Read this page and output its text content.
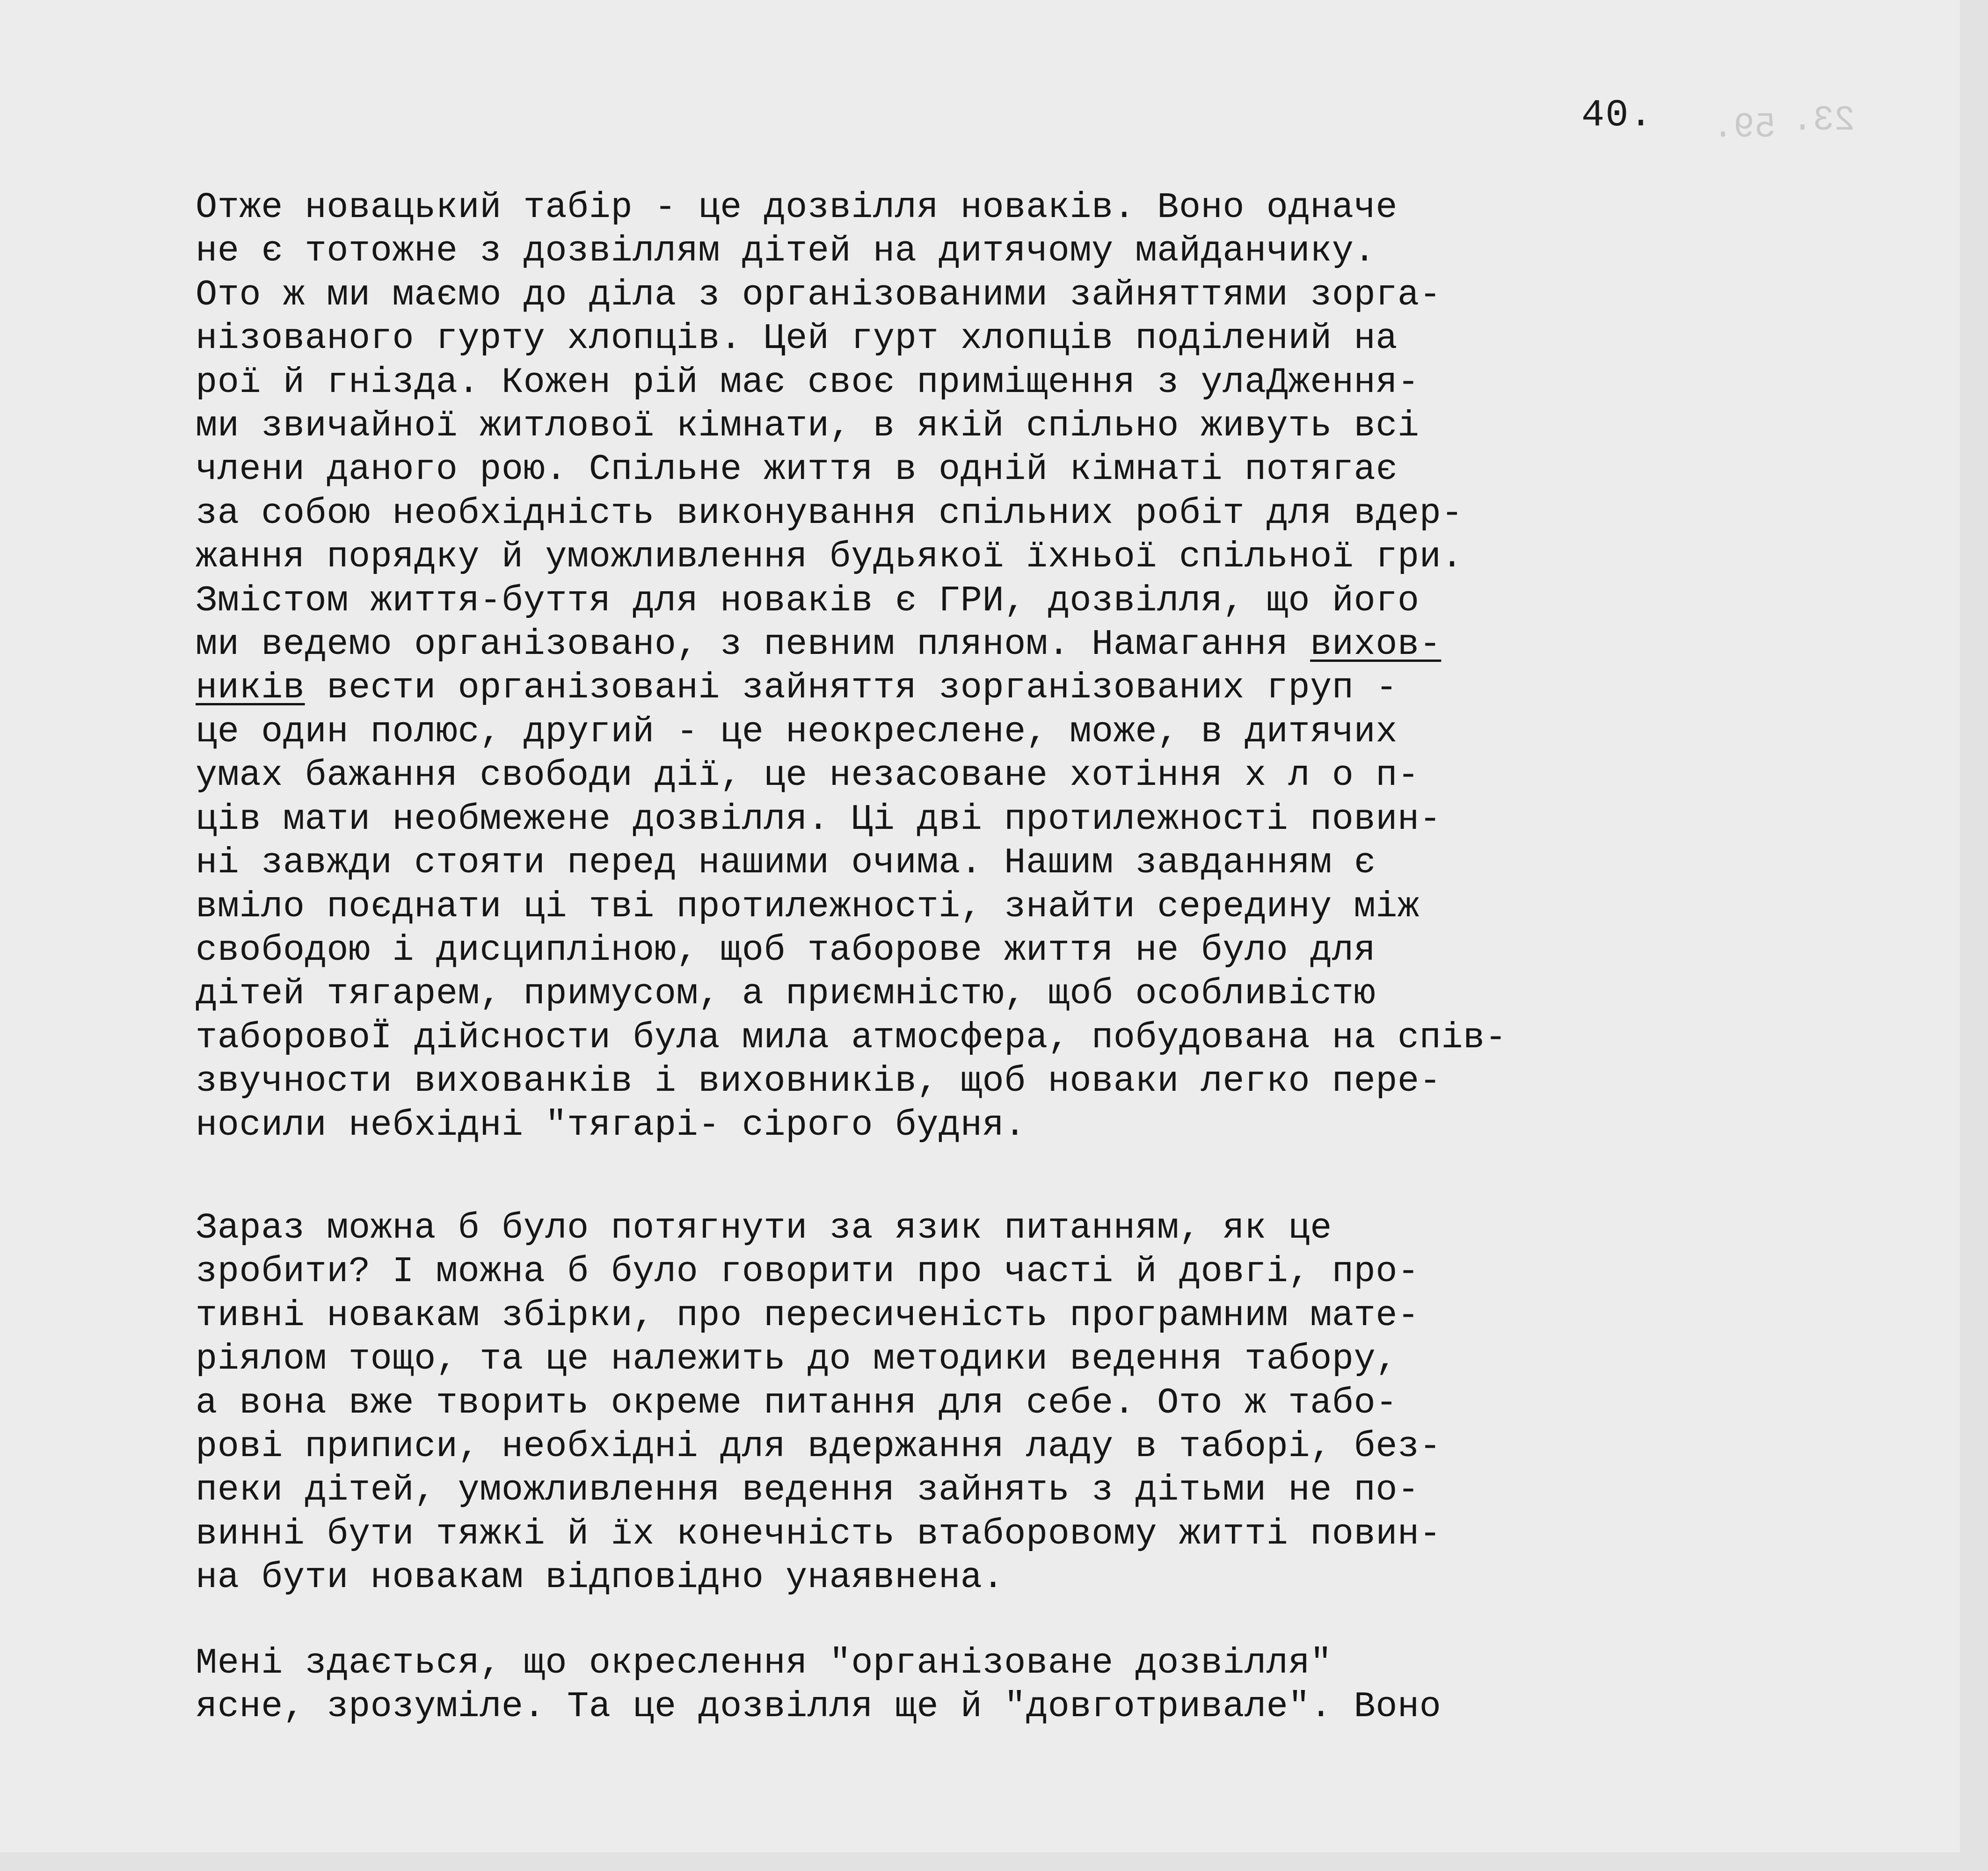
59. 23.
40.
Отже новацький табір - це дозвілля новаків. Воно одначе
не є тотожне з дозвіллям дітей на дитячому майданчику.
Ото ж ми маємо до діла з організованими зайняттями зорга-
нізованого гурту хлопців. Цей гурт хлопців поділений на
рої й гнізда. Кожен рій має своє приміщення з улаДження-
ми звичайної житлової кімнати, в якій спільно живуть всі
члени даного рою. Спільне життя в одній кімнаті потягає
за собою необхідність виконування спільних робіт для вдер-
жання порядку й уможливлення будьякої їхньої спільної гри.
Змістом життя-буття для новаків є ГРИ, дозвілля, що його
ми ведемо організовано, з певним пляном. Намагання вихов-
ників вести організовані зайняття зорганізованих груп -
це один полюс, другий - це неокреслене, може, в дитячих
умах бажання свободи дії, це незасоване хотіння х л о п-
ців мати необмежене дозвілля. Ці дві протилежності повин-
ні завжди стояти перед нашими очима. Нашим завданням є
вміло поєднати ці тві протилежності, знайти середину між
свободою і дисципліною, щоб таборове життя не було для
дітей тягарем, примусом, а приємністю, щоб особливістю
таборовоЇ дійсности була мила атмосфера, побудована на спів-
звучности вихованків і виховників, щоб новаки легко пере-
носили небхідні "тягарі- сірого будня.
Зараз можна б було потягнути за язик питанням, як це
зробити? І можна б було говорити про часті й довгі, про-
тивні новакам збірки, про пересиченість програмним мате-
ріялом тощо, та це належить до методики ведення табору,
а вона вже творить окреме питання для себе. Ото ж табо-
рові приписи, необхідні для вдержання ладу в таборі, без-
пеки дітей, уможливлення ведення зайнять з дітьми не по-
винні бути тяжкі й їх конечність втаборовому житті повин-
на бути новакам відповідно унаявнена.
Мені здається, що окреслення "організоване дозвілля"
ясне, зрозуміле. Та це дозвілля ще й "довготривале". Воно
